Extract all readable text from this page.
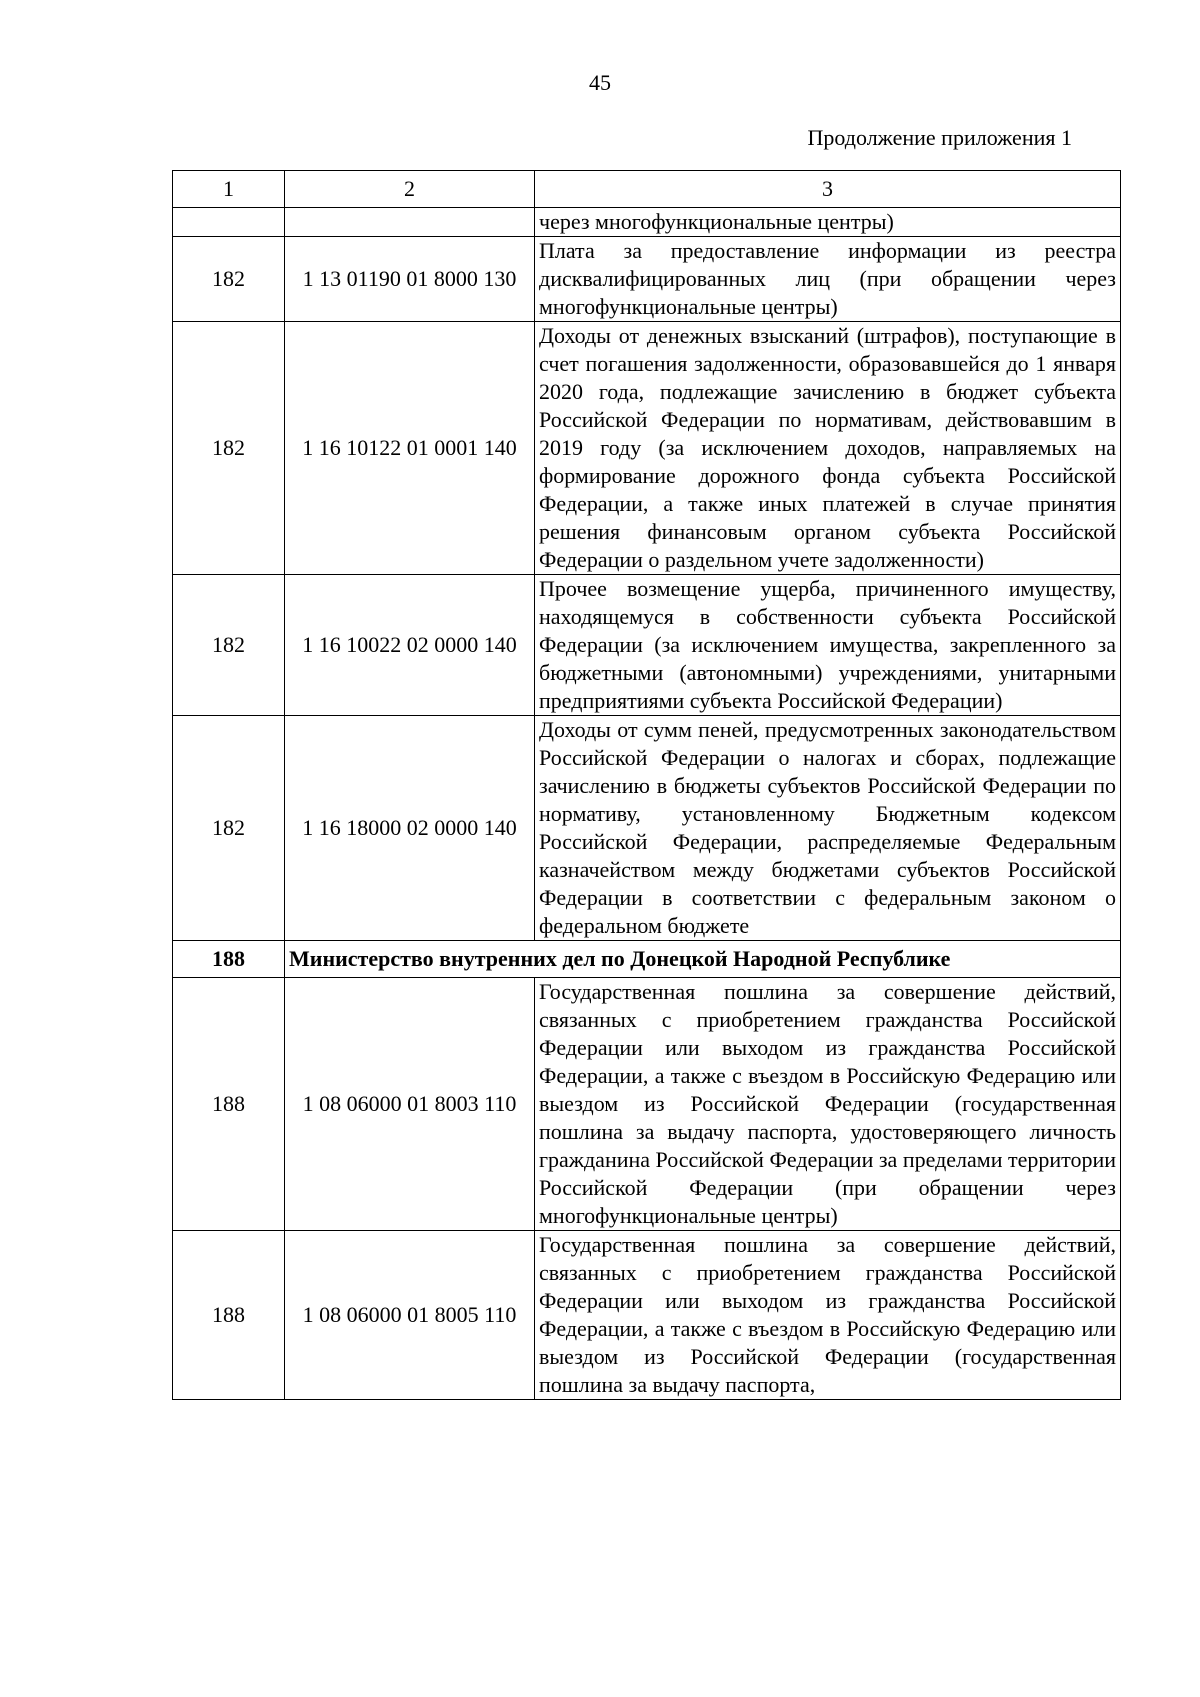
45
Продолжение приложения 1
1	2	3
		через многофункциональные центры)
182	1 13 01190 01 8000 130	Плата за предоставление информации из реестра дисквалифицированных лиц (при обращении через многофункциональные центры)
182	1 16 10122 01 0001 140	Доходы от денежных взысканий (штрафов), поступающие в счет погашения задолженности, образовавшейся до 1 января 2020 года, подлежащие зачислению в бюджет субъекта Российской Федерации по нормативам, действовавшим в 2019 году (за исключением доходов, направляемых на формирование дорожного фонда субъекта Российской Федерации, а также иных платежей в случае принятия решения финансовым органом субъекта Российской Федерации о раздельном учете задолженности)
182	1 16 10022 02 0000 140	Прочее возмещение ущерба, причиненного имуществу, находящемуся в собственности субъекта Российской Федерации (за исключением имущества, закрепленного за бюджетными (автономными) учреждениями, унитарными предприятиями субъекта Российской Федерации)
182	1 16 18000 02 0000 140	Доходы от сумм пеней, предусмотренных законодательством Российской Федерации о налогах и сборах, подлежащие зачислению в бюджеты субъектов Российской Федерации по нормативу, установленному Бюджетным кодексом Российской Федерации, распределяемые Федеральным казначейством между бюджетами субъектов Российской Федерации в соответствии с федеральным законом о федеральном бюджете
188	Министерство внутренних дел по Донецкой Народной Республике	
188	1 08 06000 01 8003 110	Государственная пошлина за совершение действий, связанных с приобретением гражданства Российской Федерации или выходом из гражданства Российской Федерации, а также с въездом в Российскую Федерацию или выездом из Российской Федерации (государственная пошлина за выдачу паспорта, удостоверяющего личность гражданина Российской Федерации за пределами территории Российской Федерации (при обращении через многофункциональные центры)
188	1 08 06000 01 8005 110	Государственная пошлина за совершение действий, связанных с приобретением гражданства Российской Федерации или выходом из гражданства Российской Федерации, а также с въездом в Российскую Федерацию или выездом из Российской Федерации (государственная пошлина за выдачу паспорта,
